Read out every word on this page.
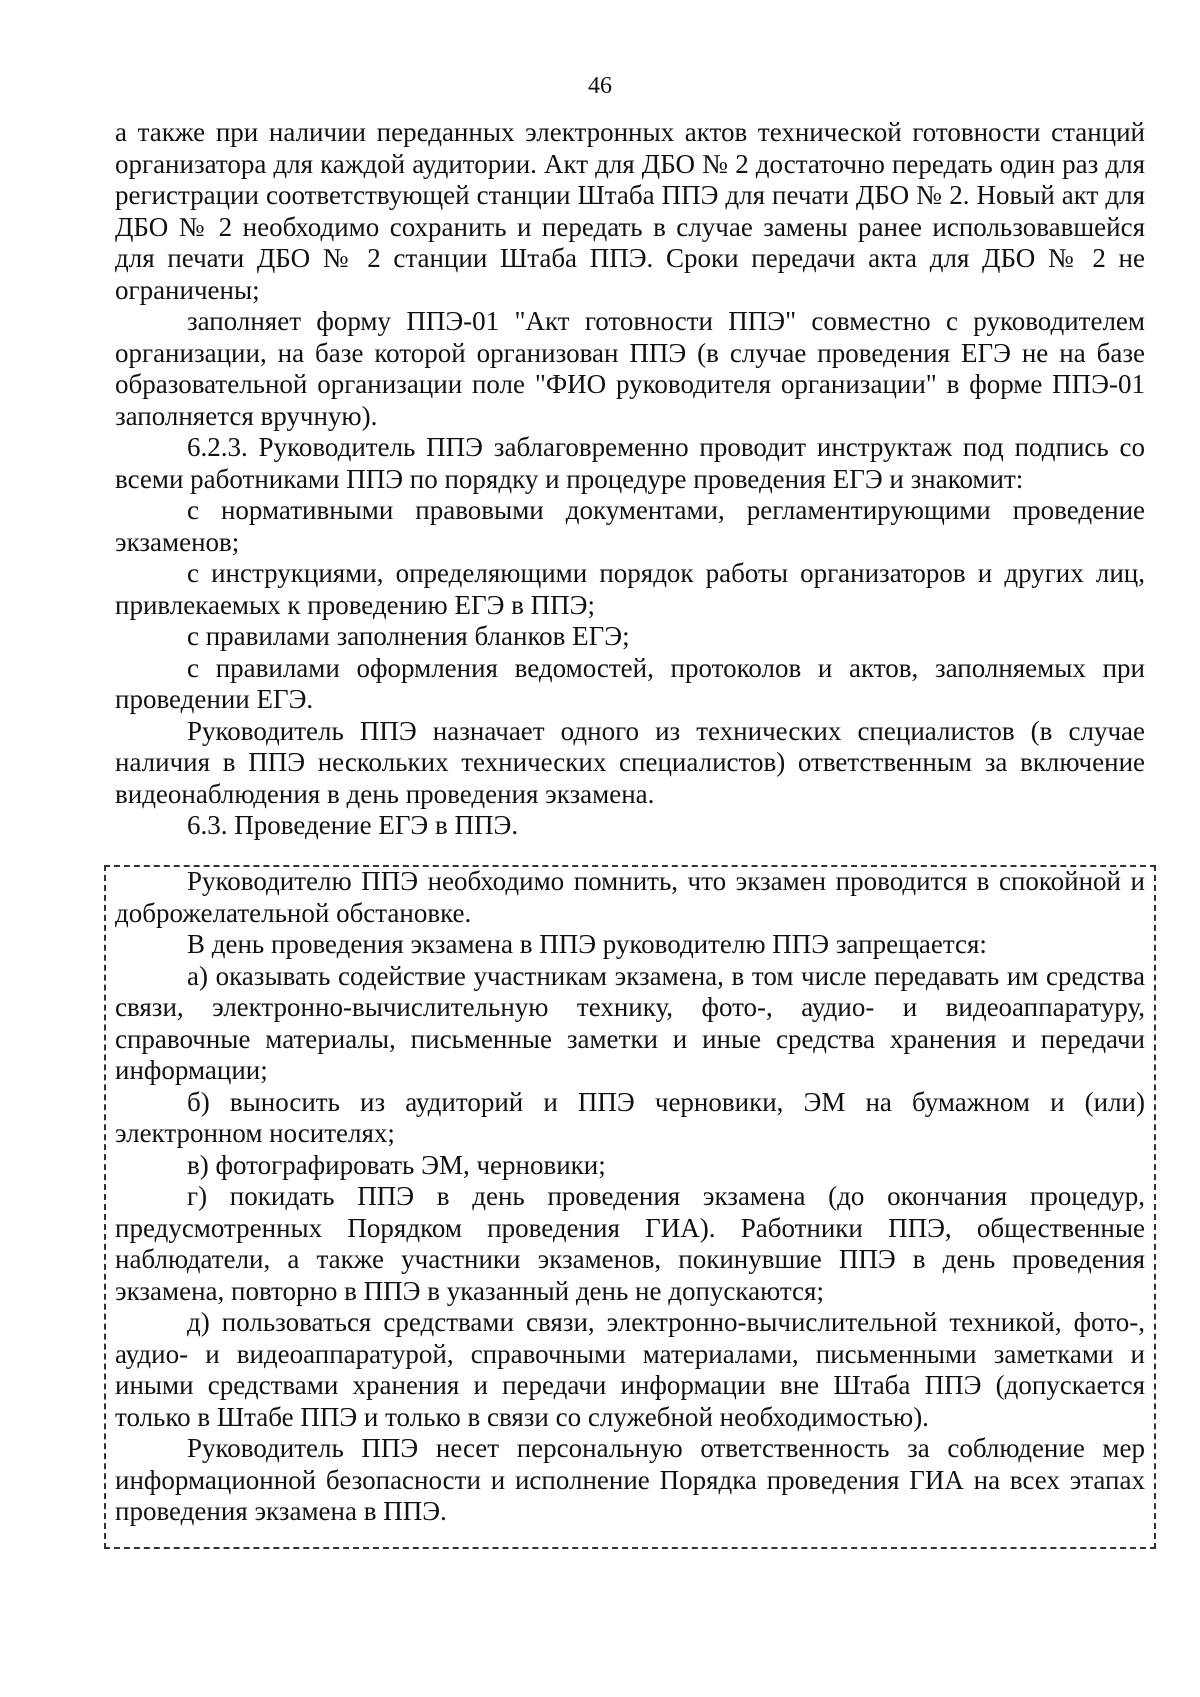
46

а также при наличии переданных электронных актов технической готовности станций организатора для каждой аудитории. Акт для ДБО № 2 достаточно передать один раз для регистрации соответствующей станции Штаба ППЭ для печати ДБО № 2. Новый акт для ДБО № 2 необходимо сохранить и передать в случае замены ранее использовавшейся для печати ДБО № 2 станции Штаба ППЭ. Сроки передачи акта для ДБО № 2 не ограничены;

заполняет форму ППЭ-01 "Акт готовности ППЭ" совместно с руководителем организации, на базе которой организован ППЭ (в случае проведения ЕГЭ не на базе образовательной организации поле "ФИО руководителя организации" в форме ППЭ-01 заполняется вручную).

6.2.3. Руководитель ППЭ заблаговременно проводит инструктаж под подпись со всеми работниками ППЭ по порядку и процедуре проведения ЕГЭ и знакомит:

с нормативными правовыми документами, регламентирующими проведение экзаменов;

с инструкциями, определяющими порядок работы организаторов и других лиц, привлекаемых к проведению ЕГЭ в ППЭ;

с правилами заполнения бланков ЕГЭ;

с правилами оформления ведомостей, протоколов и актов, заполняемых при проведении ЕГЭ.

Руководитель ППЭ назначает одного из технических специалистов (в случае наличия в ППЭ нескольких технических специалистов) ответственным за включение видеонаблюдения в день проведения экзамена.

6.3. Проведение ЕГЭ в ППЭ.

Руководителю ППЭ необходимо помнить, что экзамен проводится в спокойной и доброжелательной обстановке.

В день проведения экзамена в ППЭ руководителю ППЭ запрещается:

а) оказывать содействие участникам экзамена, в том числе передавать им средства связи, электронно-вычислительную технику, фото-, аудио- и видеоаппаратуру, справочные материалы, письменные заметки и иные средства хранения и передачи информации;

б) выносить из аудиторий и ППЭ черновики, ЭМ на бумажном и (или) электронном носителях;

в) фотографировать ЭМ, черновики;

г) покидать ППЭ в день проведения экзамена (до окончания процедур, предусмотренных Порядком проведения ГИА). Работники ППЭ, общественные наблюдатели, а также участники экзаменов, покинувшие ППЭ в день проведения экзамена, повторно в ППЭ в указанный день не допускаются;

д) пользоваться средствами связи, электронно-вычислительной техникой, фото-, аудио- и видеоаппаратурой, справочными материалами, письменными заметками и иными средствами хранения и передачи информации вне Штаба ППЭ (допускается только в Штабе ППЭ и только в связи со служебной необходимостью).

Руководитель ППЭ несет персональную ответственность за соблюдение мер информационной безопасности и исполнение Порядка проведения ГИА на всех этапах проведения экзамена в ППЭ.
